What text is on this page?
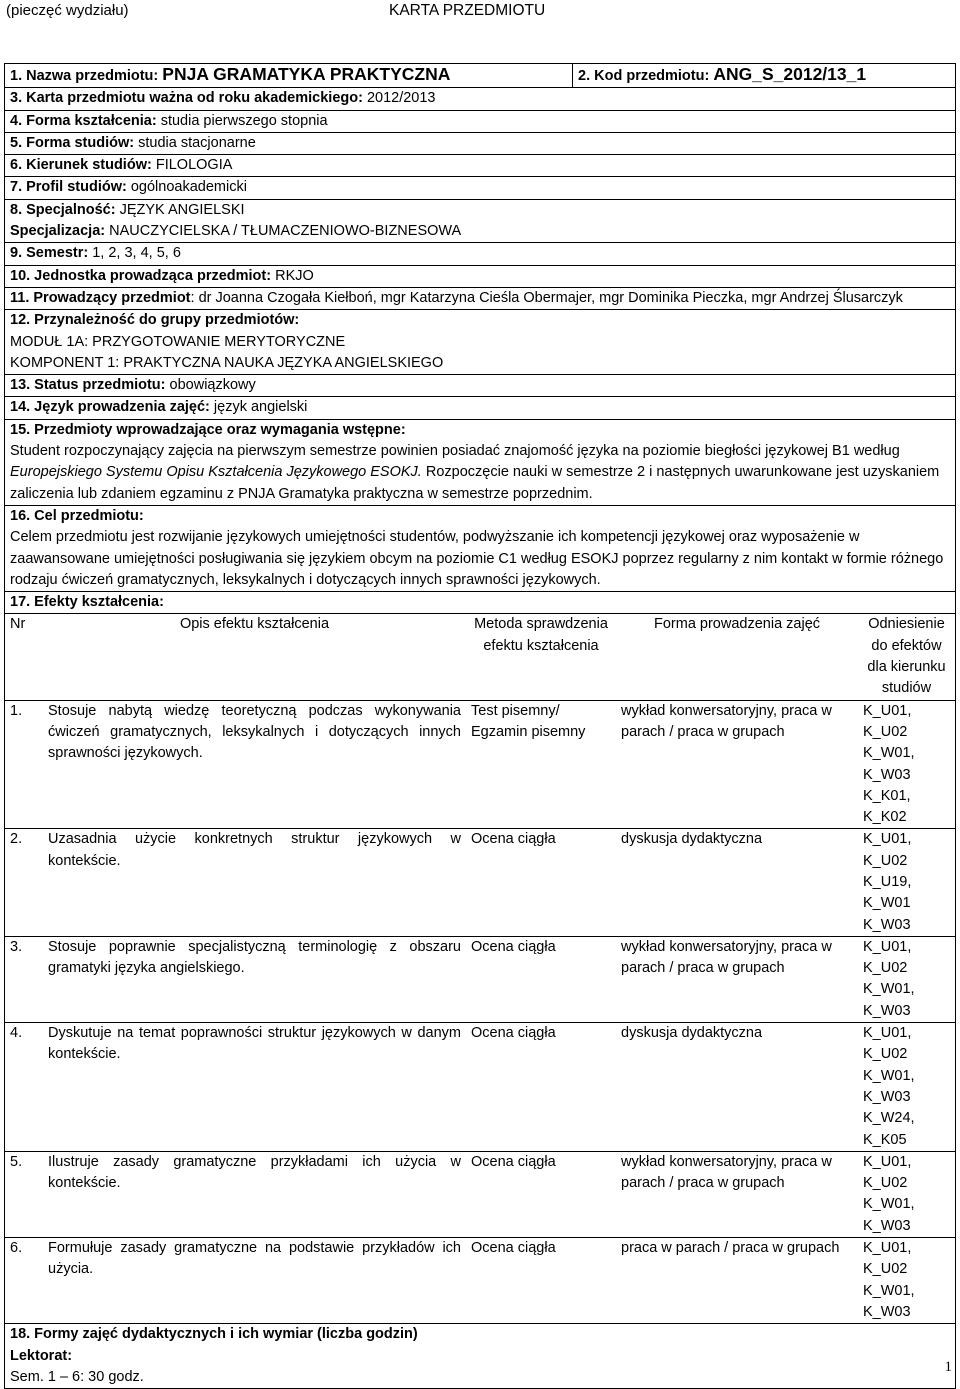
(pieczęć wydziału)	KARTA PRZEDMIOTU
1. Nazwa przedmiotu: PNJA GRAMATYKA PRAKTYCZNA	2. Kod przedmiotu: ANG_S_2012/13_1
3. Karta przedmiotu ważna od roku akademickiego: 2012/2013
4. Forma kształcenia: studia pierwszego stopnia
5. Forma studiów: studia stacjonarne
6. Kierunek studiów: FILOLOGIA
7. Profil studiów: ogólnoakademicki
8. Specjalność: JĘZYK ANGIELSKI
Specjalizacja: NAUCZYCIELSKA / TŁUMACZENIOWO-BIZNESOWA
9. Semestr: 1, 2, 3, 4, 5, 6
10. Jednostka prowadząca przedmiot: RKJO
11. Prowadzący przedmiot: dr Joanna Czogała Kiełboń, mgr Katarzyna Cieśla Obermajer, mgr Dominika Pieczka, mgr Andrzej Ślusarczyk
12. Przynależność do grupy przedmiotów:
MODUŁ 1A: PRZYGOTOWANIE MERYTORYCZNE
KOMPONENT 1: PRAKTYCZNA NAUKA JĘZYKA ANGIELSKIEGO
13. Status przedmiotu: obowiązkowy
14. Język prowadzenia zajęć: język angielski
15. Przedmioty wprowadzające oraz wymagania wstępne:
Student rozpoczynający zajęcia na pierwszym semestrze powinien posiadać znajomość języka na poziomie biegłości językowej B1 według Europejskiego Systemu Opisu Kształcenia Językowego ESOKJ. Rozpoczęcie nauki w semestrze 2 i następnych uwarunkowane jest uzyskaniem zaliczenia lub zdaniem egzaminu z PNJA Gramatyka praktyczna w semestrze poprzednim.
16. Cel przedmiotu:
Celem przedmiotu jest rozwijanie językowych umiejętności studentów, podwyższanie ich kompetencji językowej oraz wyposażenie w zaawansowane umiejętności posługiwania się językiem obcym na poziomie C1 według ESOKJ poprzez regularny z nim kontakt w formie różnego rodzaju ćwiczeń gramatycznych, leksykalnych i dotyczących innych sprawności językowych.
17. Efekty kształcenia:
Nr	Opis efektu kształcenia	Metoda sprawdzenia efektu kształcenia	Forma prowadzenia zajęć	Odniesienie do efektów dla kierunku studiów
1.	Stosuje nabytą wiedzę teoretyczną podczas wykonywania ćwiczeń gramatycznych, leksykalnych i dotyczących innych sprawności językowych.	Test pisemny/ Egzamin pisemny	wykład konwersatoryjny, praca w parach / praca w grupach	K_U01, K_U02 K_W01, K_W03 K_K01, K_K02
2.	Uzasadnia użycie konkretnych struktur językowych w kontekście.	Ocena ciągła	dyskusja dydaktyczna	K_U01, K_U02 K_U19, K_W01 K_W03
3.	Stosuje poprawnie specjalistyczną terminologię z obszaru gramatyki języka angielskiego.	Ocena ciągła	wykład konwersatoryjny, praca w parach / praca w grupach	K_U01, K_U02 K_W01, K_W03
4.	Dyskutuje na temat poprawności struktur językowych w danym kontekście.	Ocena ciągła	dyskusja dydaktyczna	K_U01, K_U02 K_W01, K_W03 K_W24, K_K05
5.	Ilustruje zasady gramatyczne przykładami ich użycia w kontekście.	Ocena ciągła	wykład konwersatoryjny, praca w parach / praca w grupach	K_U01, K_U02 K_W01, K_W03
6.	Formułuje zasady gramatyczne na podstawie przykładów ich użycia.	Ocena ciągła	praca w parach / praca w grupach	K_U01, K_U02 K_W01, K_W03
18. Formy zajęć dydaktycznych i ich wymiar (liczba godzin)
Lektorat:
Sem. 1 – 6: 30 godz.
1
